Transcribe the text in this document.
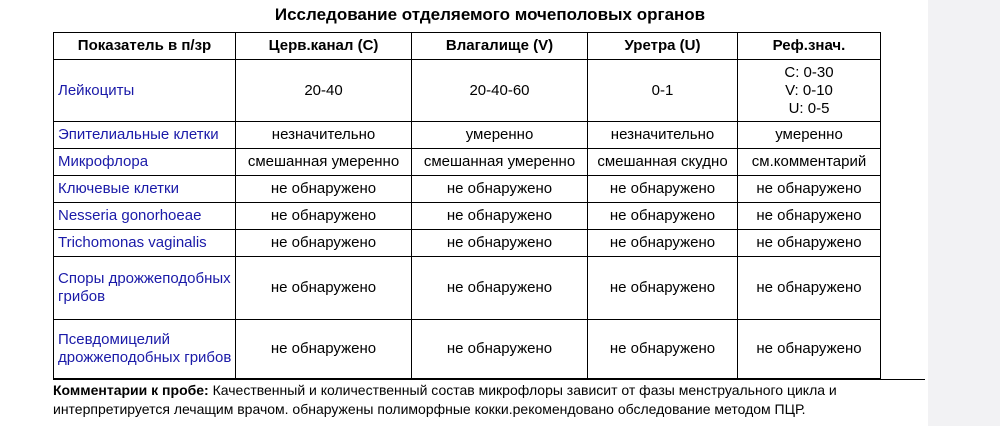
Исследование отделяемого мочеполовых органов
Показатель в п/зр	Церв.канал (C)	Влагалище (V)	Уретра (U)	Реф.знач.
Лейкоциты	20-40	20-40-60	0-1	C: 0-30
V: 0-10
U: 0-5

Эпителиальные клетки	незначительно	умеренно	незначительно	умеренно
Микрофлора	смешанная умеренно	смешанная умеренно	смешанная скудно	см.комментарий
Ключевые клетки	не обнаружено	не обнаружено	не обнаружено	не обнаружено
Nesseria gonorhoeae	не обнаружено	не обнаружено	не обнаружено	не обнаружено
Trichomonas vaginalis	не обнаружено	не обнаружено	не обнаружено	не обнаружено
Споры дрожжеподобных грибов	не обнаружено	не обнаружено	не обнаружено	не обнаружено
Псевдомицелий дрожжеподобных грибов	не обнаружено	не обнаружено	не обнаружено	не обнаружено
Комментарии к пробе: Качественный и количественный состав микрофлоры зависит от фазы менструального цикла и интерпретируется лечащим врачом. обнаружены полиморфные кокки.рекомендовано обследование методом ПЦР.
